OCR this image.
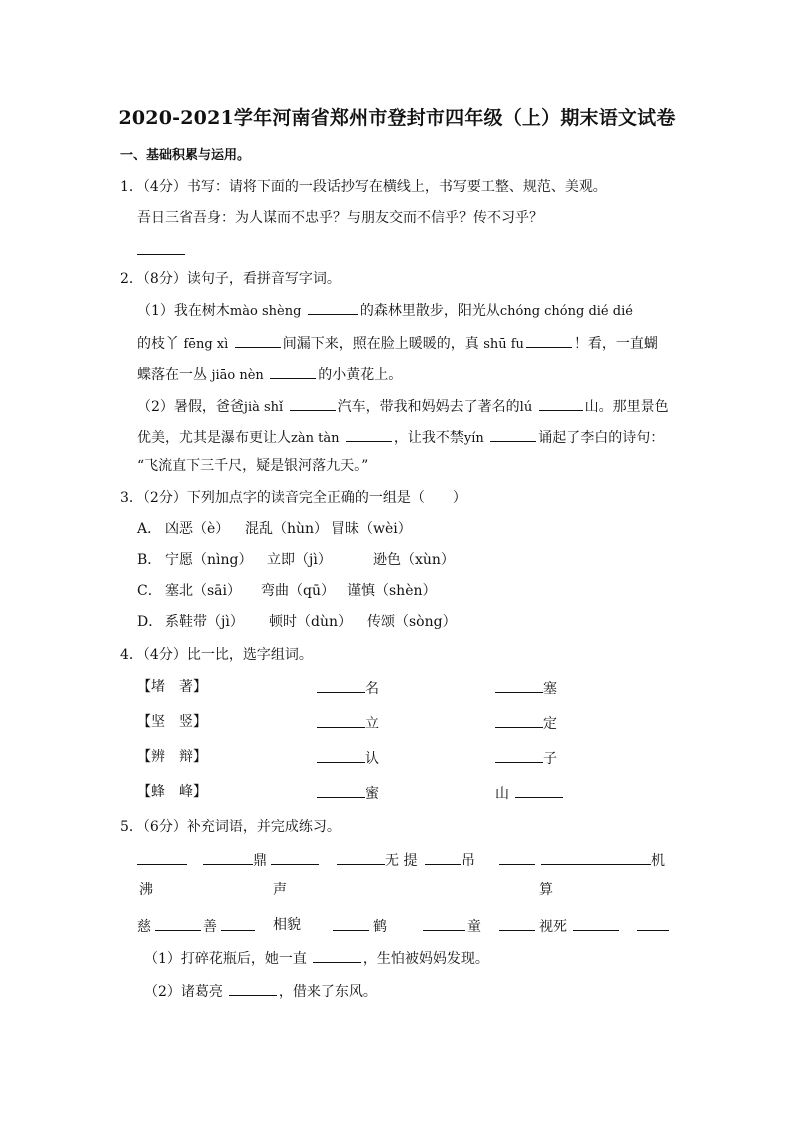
2020-2021学年河南省郑州市登封市四年级（上）期末语文试卷
一、基础积累与运用。
1．（4分）书写：请将下面的一段话抄写在横线上，书写要工整、规范、美观。
吾日三省吾身：为人谋而不忠乎？与朋友交而不信乎？传不习乎？
2．（8分）读句子，看拼音写字词。
（1）我在树木mào shèng	的森林里散步，阳光从chóng chóng dié dié
的枝丫 fēng xì	间漏下来，照在脸上暖暖的，真 shū fu	！看，一直蝴
蝶落在一丛 jiāo nèn	的小黄花上。
（2）暑假，爸爸jià shǐ	汽车，带我和妈妈去了著名的lú	山。那里景色
优美，尤其是瀑布更让人zàn tàn	，让我不禁yín	诵起了李白的诗句：
“飞流直下三千尺，疑是银河落九天。”
3．（2分）下列加点字的读音完全正确的一组是（　　）
A． 凶恶（è） 混乱（hùn） 冒昧（wèi）
B． 宁愿（nìng） 立即（jì）	逊色（xùn）
C． 塞北（sāi） 弯曲（qū） 谨慎（shèn）
D． 系鞋带（jì） 顿时（dùn） 传颂（sòng）
4．（4分）比一比，选字组词。
【堵　著】	名	塞
【坚　竖】	立	定
【辨　辩】	认	子
【蜂　峰】	蜜	山
5．（6分）补充词语，并完成练习。
鼎	无 提	吊	机
沸	声	算
慈	善	相貌	鹤	童	视死
（1）打碎花瓶后，她一直	，生怕被妈妈发现。
（2）诸葛亮	，借来了东风。
